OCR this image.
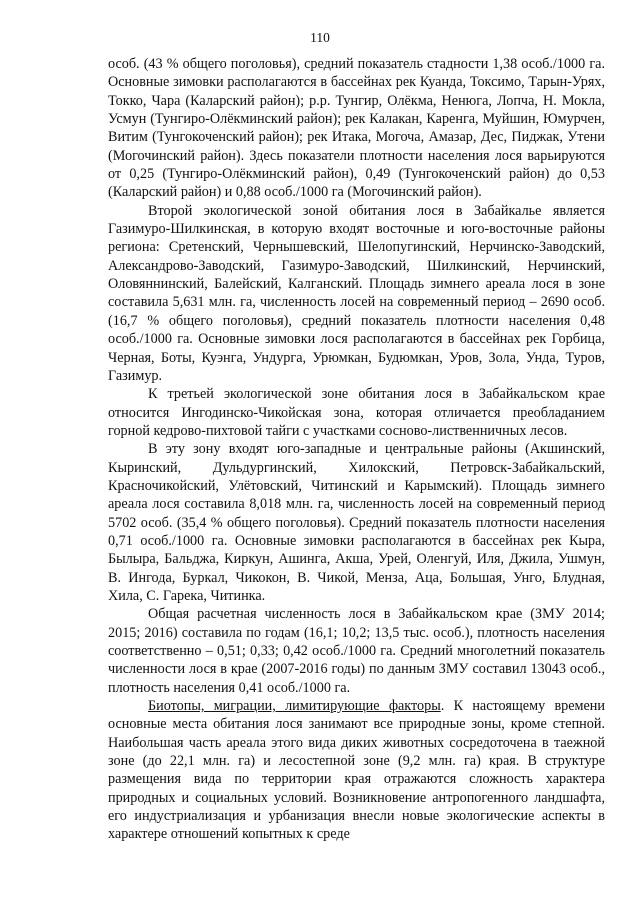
110

особ. (43 % общего поголовья), средний показатель стадности 1,38 особ./1000 га. Основные зимовки располагаются в бассейнах рек Куанда, Токсимо, Тарын-Урях, Токко, Чара (Каларский район); р.р. Тунгир, Олёкма, Ненюга, Лопча, Н. Мокла, Усмун (Тунгиро-Олёкминский район); рек Калакан, Каренга, Муйшин, Юмурчен, Витим (Тунгокоченский район); рек Итака, Могоча, Амазар, Дес, Пиджак, Утени (Могочинский район). Здесь показатели плотности населения лося варьируются от 0,25 (Тунгиро-Олёкминский район), 0,49 (Тунгокоченский район) до 0,53 (Каларский район) и 0,88 особ./1000 га (Могочинский район).

Второй экологической зоной обитания лося в Забайкалье является Газимуро-Шилкинская, в которую входят восточные и юго-восточные районы региона: Сретенский, Чернышевский, Шелопугинский, Нерчинско-Заводский, Александрово-Заводский, Газимуро-Заводский, Шилкинский, Нерчинский, Оловяннинский, Балейский, Калганский. Площадь зимнего ареала лося в зоне составила 5,631 млн. га, численность лосей на современный период – 2690 особ. (16,7 % общего поголовья), средний показатель плотности населения 0,48 особ./1000 га. Основные зимовки лося располагаются в бассейнах рек Горбица, Черная, Боты, Куэнга, Ундурга, Урюмкан, Будюмкан, Уров, Зола, Унда, Туров, Газимур.

К третьей экологической зоне обитания лося в Забайкальском крае относится Ингодинско-Чикойская зона, которая отличается преобладанием горной кедрово-пихтовой тайги с участками сосново-лиственничных лесов.

В эту зону входят юго-западные и центральные районы (Акшинский, Кыринский, Дульдургинский, Хилокский, Петровск-Забайкальский, Красночикойский, Улётовский, Читинский и Карымский). Площадь зимнего ареала лося составила 8,018 млн. га, численность лосей на современный период 5702 особ. (35,4 % общего поголовья). Средний показатель плотности населения 0,71 особ./1000 га. Основные зимовки располагаются в бассейнах рек Кыра, Былыра, Бальджа, Киркун, Ашинга, Акша, Урей, Оленгуй, Иля, Джила, Ушмун, В. Ингода, Буркал, Чикокон, В. Чикой, Менза, Аца, Большая, Унго, Блудная, Хила, С. Гарека, Читинка.

Общая расчетная численность лося в Забайкальском крае (ЗМУ 2014; 2015; 2016) составила по годам (16,1; 10,2; 13,5 тыс. особ.), плотность населения соответственно – 0,51; 0,33; 0,42 особ./1000 га. Средний многолетний показатель численности лося в крае (2007-2016 годы) по данным ЗМУ составил 13043 особ., плотность населения 0,41 особ./1000 га.

Биотопы, миграции, лимитирующие факторы. К настоящему времени основные места обитания лося занимают все природные зоны, кроме степной. Наибольшая часть ареала этого вида диких животных сосредоточена в таежной зоне (до 22,1 млн. га) и лесостепной зоне (9,2 млн. га) края. В структуре размещения вида по территории края отражаются сложность характера природных и социальных условий. Возникновение антропогенного ландшафта, его индустриализация и урбанизация внесли новые экологические аспекты в характере отношений копытных к среде
